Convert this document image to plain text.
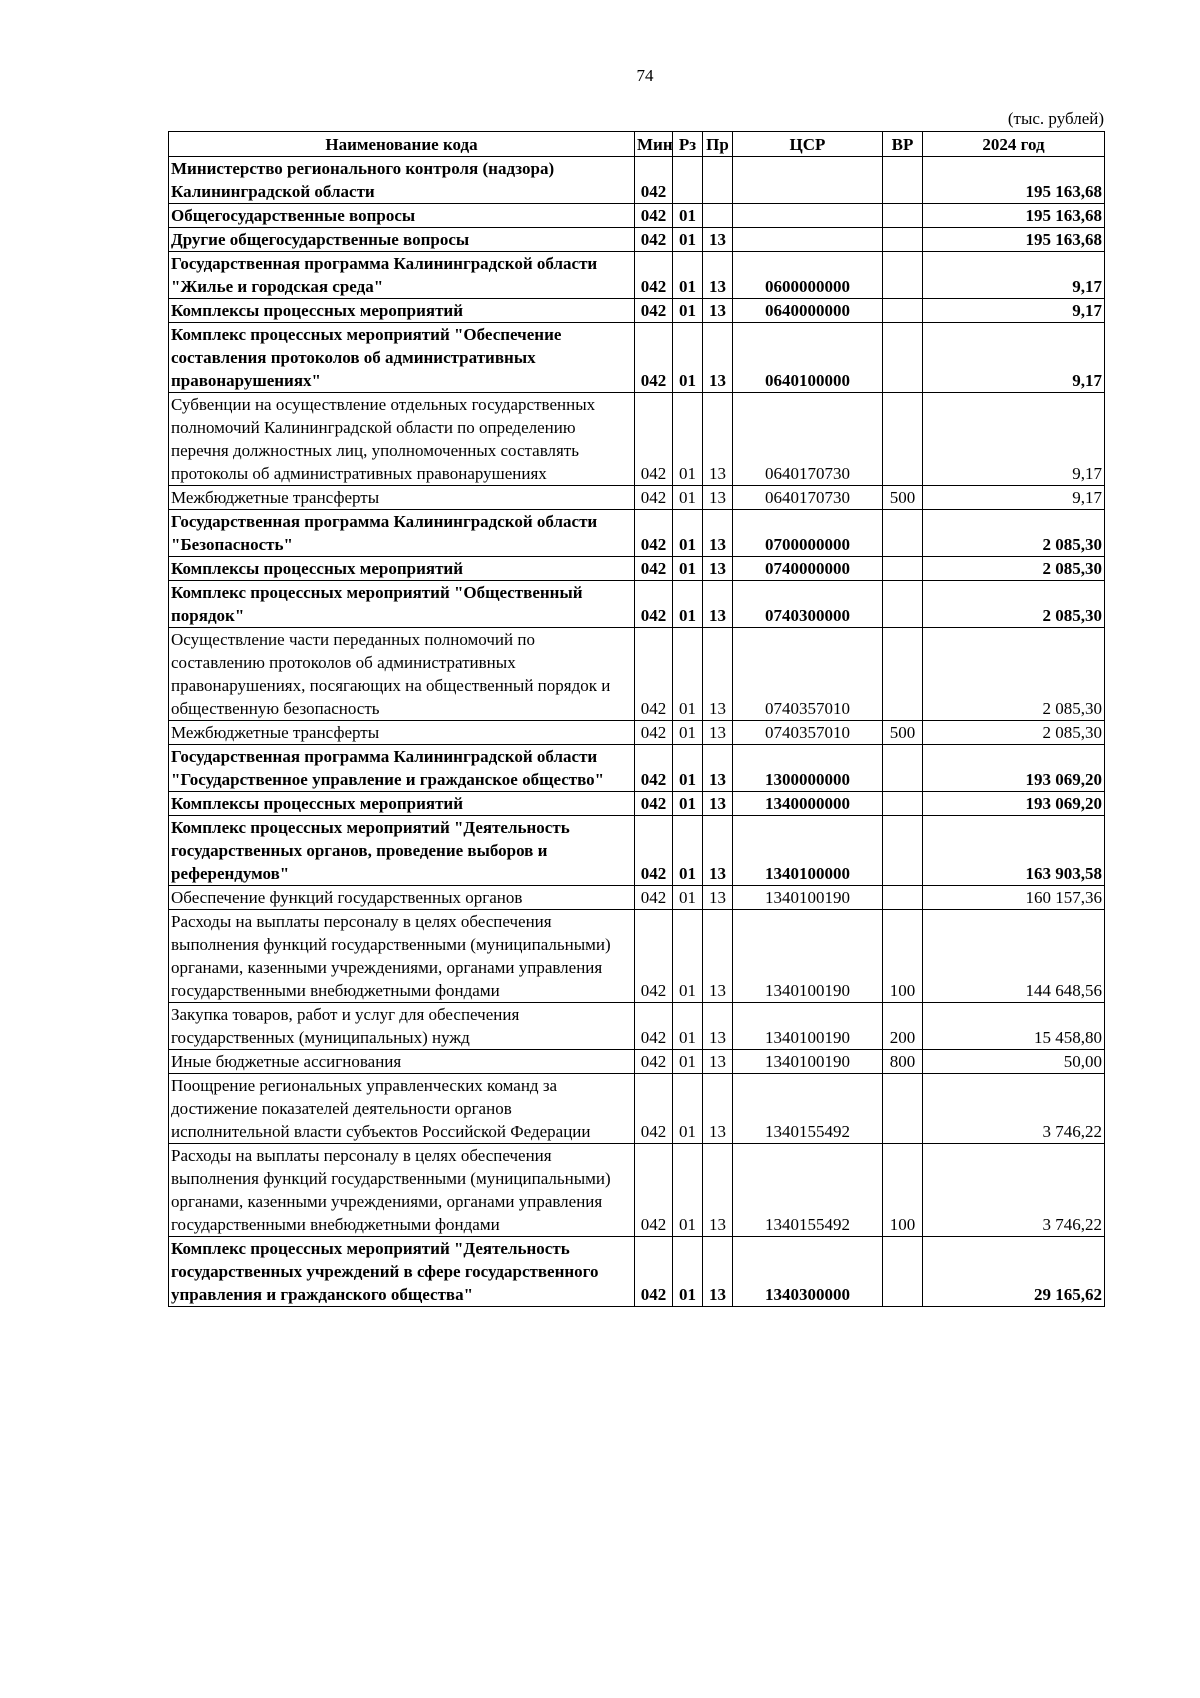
74
(тыс. рублей)
Наименование кода	Мин	Рз	Пр	ЦСР	ВР	2024 год
Министерство регионального контроля (надзора) Калининградской области	042					195 163,68
Общегосударственные вопросы	042	01				195 163,68
Другие общегосударственные вопросы	042	01	13			195 163,68
Государственная программа Калининградской области "Жилье и городская среда"	042	01	13	0600000000		9,17
Комплексы процессных мероприятий	042	01	13	0640000000		9,17
Комплекс процессных мероприятий "Обеспечение составления протоколов об административных правонарушениях"	042	01	13	0640100000		9,17
Субвенции на осуществление отдельных государственных полномочий Калининградской области по определению перечня должностных лиц, уполномоченных составлять протоколы об административных правонарушениях	042	01	13	0640170730		9,17
Межбюджетные трансферты	042	01	13	0640170730	500	9,17
Государственная программа Калининградской области "Безопасность"	042	01	13	0700000000		2 085,30
Комплексы процессных мероприятий	042	01	13	0740000000		2 085,30
Комплекс процессных мероприятий "Общественный порядок"	042	01	13	0740300000		2 085,30
Осуществление части переданных полномочий по составлению протоколов об административных правонарушениях, посягающих на общественный порядок и общественную безопасность	042	01	13	0740357010		2 085,30
Межбюджетные трансферты	042	01	13	0740357010	500	2 085,30
Государственная программа Калининградской области "Государственное управление и гражданское общество"	042	01	13	1300000000		193 069,20
Комплексы процессных мероприятий	042	01	13	1340000000		193 069,20
Комплекс процессных мероприятий "Деятельность государственных органов, проведение выборов и референдумов"	042	01	13	1340100000		163 903,58
Обеспечение функций государственных органов	042	01	13	1340100190		160 157,36
Расходы на выплаты персоналу в целях обеспечения выполнения функций государственными (муниципальными) органами, казенными учреждениями, органами управления государственными внебюджетными фондами	042	01	13	1340100190	100	144 648,56
Закупка товаров, работ и услуг для обеспечения государственных (муниципальных) нужд	042	01	13	1340100190	200	15 458,80
Иные бюджетные ассигнования	042	01	13	1340100190	800	50,00
Поощрение региональных управленческих команд за достижение показателей деятельности органов исполнительной власти субъектов Российской Федерации	042	01	13	1340155492		3 746,22
Расходы на выплаты персоналу в целях обеспечения выполнения функций государственными (муниципальными) органами, казенными учреждениями, органами управления государственными внебюджетными фондами	042	01	13	1340155492	100	3 746,22
Комплекс процессных мероприятий "Деятельность государственных учреждений в сфере государственного управления и гражданского общества"	042	01	13	1340300000		29 165,62
